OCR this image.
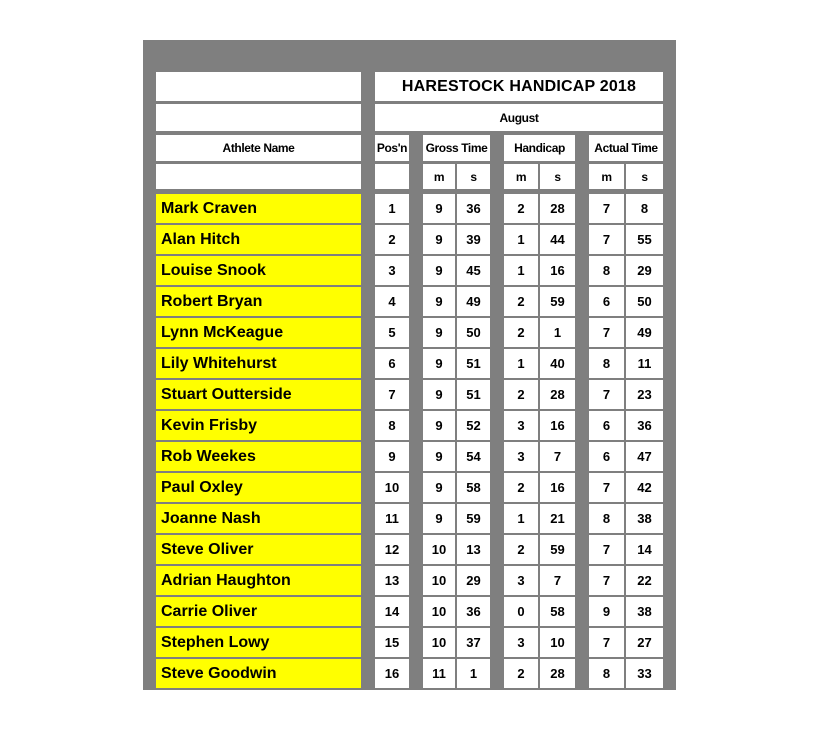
HARESTOCK HANDICAP 2018
August
Athlete Name	Pos'n Gross Time	Handicap	Actual Time
m	s	m	s	m	s
Mark Craven	1	9	36	2	28	7	8
Alan Hitch	2	9	39	1	44	7	55
Louise Snook	3	9	45	1	16	8	29
Robert Bryan	4	9	49	2	59	6	50
Lynn McKeague	5	9	50	2	1	7	49
Lily Whitehurst	6	9	51	1	40	8	11
Stuart Outterside	7	9	51	2	28	7	23
Kevin Frisby	8	9	52	3	16	6	36
Rob Weekes	9	9	54	3	7	6	47
Paul Oxley	10	9	58	2	16	7	42
Joanne Nash	11	9	59	1	21	8	38
Steve Oliver	12	10	13	2	59	7	14
Adrian Haughton	13	10	29	3	7	7	22
Carrie Oliver	14	10	36	0	58	9	38
Stephen Lowy	15	10	37	3	10	7	27
Steve Goodwin	16	11	1	2	28	8	33
